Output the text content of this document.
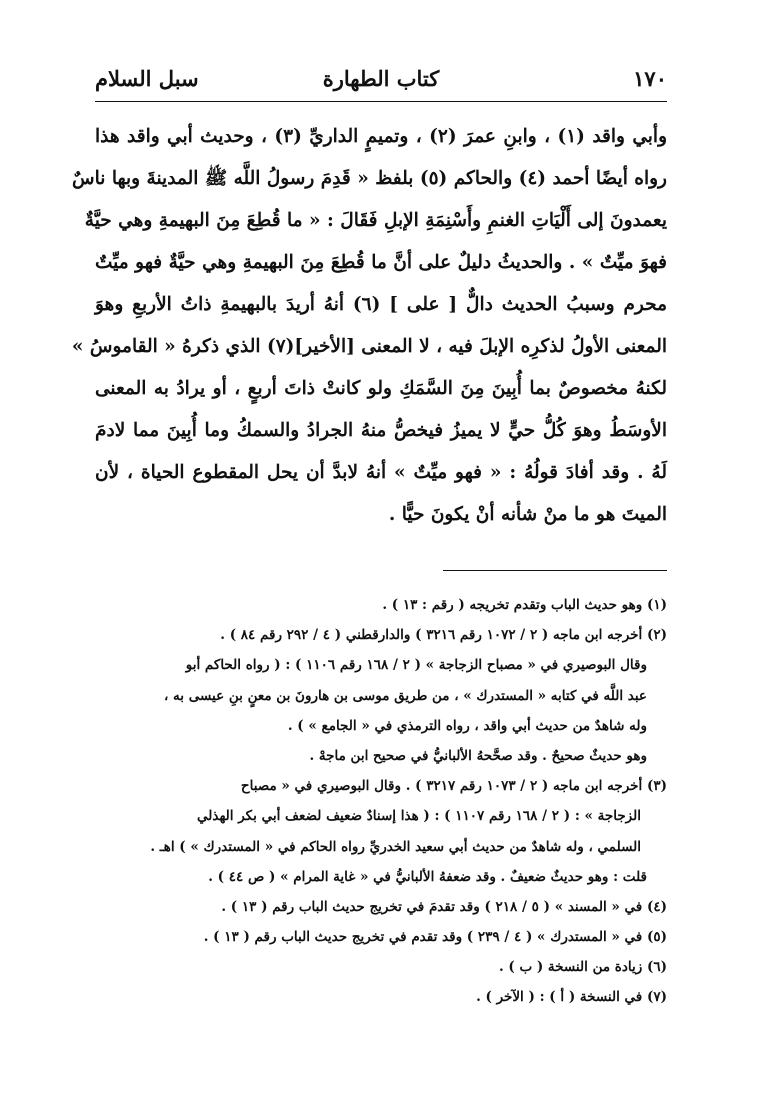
١٧٠
كتاب الطهارة
سبل السلام
وأبي واقد (١) ، وابنِ عمرَ (٢) ، وتميمٍ الداريِّ (٣) ، وحديث أبي واقد هذا
رواه أيضًا أحمد (٤) والحاكم (٥) بلفظ « قَدِمَ رسولُ اللَّه ﷺ المدينةَ وبها ناسٌ
يعمدونَ إلى أَلْيَاتِ الغنمِ وأَسْنِمَةِ الإبلِ فَقَالَ : « ما قُطِعَ مِنَ البهيمةِ وهي حيَّةٌ
فهوَ ميِّتٌ » . والحديثُ دليلٌ على أنَّ ما قُطِعَ مِنَ البهيمةِ وهي حيَّةٌ فهو ميِّتٌ
محرم وسببُ الحديث دالٌّ [ على ] (٦) أنهُ أريدَ بالبهيمةِ ذاتُ الأربعِ وهوَ
المعنى الأولُ لذكرِه الإبلَ فيه ، لا المعنى [الأخير](٧) الذي ذكرهُ « القاموسُ »
لكنهُ مخصوصٌ بما أُبِينَ مِنَ السَّمَكِ ولو كانتْ ذاتَ أربعٍ ، أو يرادُ به المعنى
الأوسَطُ وهوَ كُلُّ حيٍّ لا يميزُ فيخصُّ منهُ الجرادُ والسمكُ وما أُبِينَ مما لادمَ
لَهُ . وقد أفادَ قولُهُ : « فهو ميِّتٌ » أنهُ لابدَّ أن يحل المقطوع الحياة ، لأن
الميتَ هو ما منْ شأنه أنْ يكونَ حيًّا .
(١) وهو حديث الباب وتقدم تخريجه ( رقم : ١٣ ) .
(٢) أخرجه ابن ماجه ( ٢ / ١٠٧٢ رقم ٣٢١٦ ) والدارقطني ( ٤ / ٢٩٢ رقم ٨٤ ) .
وقال البوصيري في « مصباح الزجاجة » ( ٢ / ١٦٨ رقم ١١٠٦ ) : ( رواه الحاكم أبو
عبد اللَّه في كتابه « المستدرك » ، من طريق موسى بن هارونَ بن معنٍ بنِ عيسى به ،
وله شاهدٌ من حديث أبي واقد ، رواه الترمذي في « الجامع » ) .
وهو حديثٌ صحيحٌ . وقد صحَّحهُ الألبانيُّ في صحيح ابن ماجهْ .
(٣) أخرجه ابن ماجه ( ٢ / ١٠٧٣ رقم ٣٢١٧ ) . وقال البوصيري في « مصباح
الزجاجة » : ( ٢ / ١٦٨ رقم ١١٠٧ ) : ( هذا إسنادٌ ضعيف لضعف أبي بكر الهذلي
السلمي ، وله شاهدٌ من حديث أبي سعيد الخدريِّ رواه الحاكم في « المستدرك » ) اهـ .
قلت : وهو حديثٌ ضعيفٌ . وقد ضعفهُ الألبانيُّ في « غاية المرام » ( ص ٤٤ ) .
(٤) في « المسند » ( ٥ / ٢١٨ ) وقد تقدمَ في تخريج حديث الباب رقم ( ١٣ ) .
(٥) في « المستدرك » ( ٤ / ٢٣٩ ) وقد تقدم في تخريج حديث الباب رقم ( ١٣ ) .
(٦) زيادة من النسخة ( ب ) .
(٧) في النسخة ( أ ) : ( الآخر ) .
